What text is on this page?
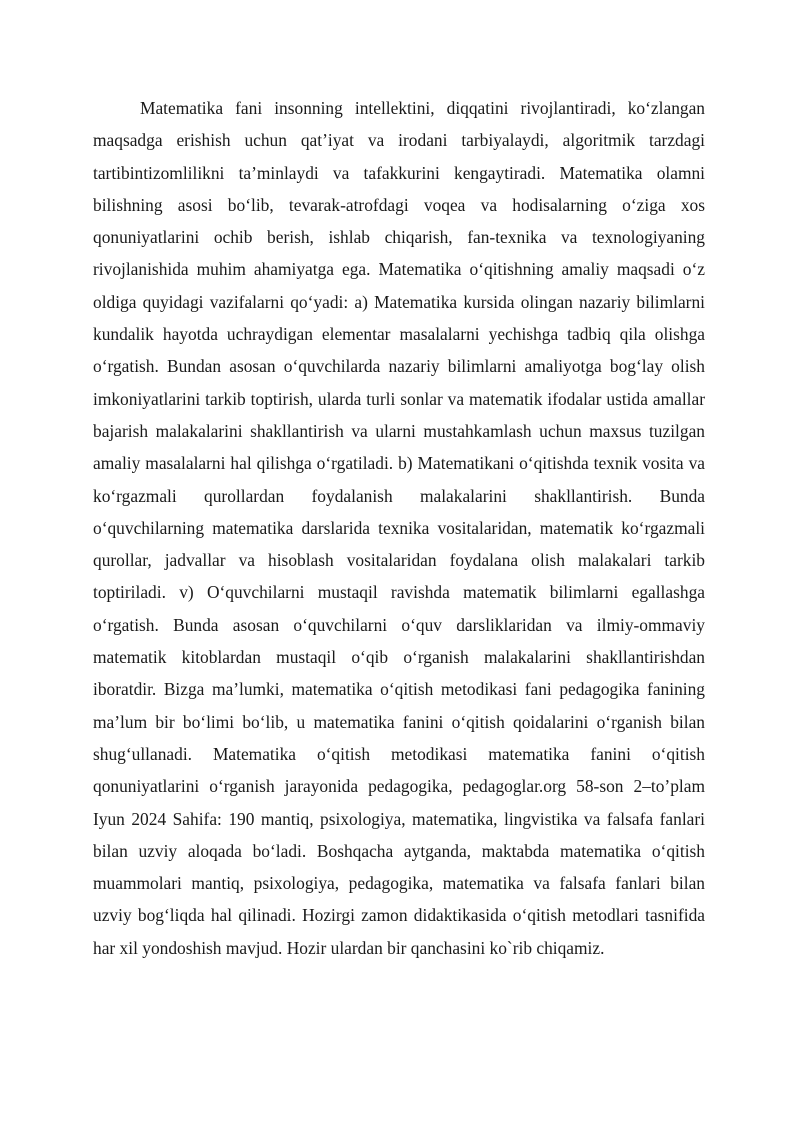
Matematika fani insonning intellektini, diqqatini rivojlantiradi, ko‘zlangan maqsadga erishish uchun qat’iyat va irodani tarbiyalaydi, algoritmik tarzdagi tartibintizomlilikni ta’minlaydi va tafakkurini kengaytiradi. Matematika olamni bilishning asosi bo‘lib, tevarak-atrofdagi voqea va hodisalarning o‘ziga xos qonuniyatlarini ochib berish, ishlab chiqarish, fan-texnika va texnologiyaning rivojlanishida muhim ahamiyatga ega. Matematika o‘qitishning amaliy maqsadi o‘z oldiga quyidagi vazifalarni qo‘yadi: a) Matematika kursida olingan nazariy bilimlarni kundalik hayotda uchraydigan elementar masalalarni yechishga tadbiq qila olishga o‘rgatish. Bundan asosan o‘quvchilarda nazariy bilimlarni amaliyotga bog‘lay olish imkoniyatlarini tarkib toptirish, ularda turli sonlar va matematik ifodalar ustida amallar bajarish malakalarini shakllantirish va ularni mustahkamlash uchun maxsus tuzilgan amaliy masalalarni hal qilishga o‘rgatiladi. b) Matematikani o‘qitishda texnik vosita va ko‘rgazmali qurollardan foydalanish malakalarini shakllantirish. Bunda o‘quvchilarning matematika darslarida texnika vositalaridan, matematik ko‘rgazmali qurollar, jadvallar va hisoblash vositalaridan foydalana olish malakalari tarkib toptiriladi. v) O‘quvchilarni mustaqil ravishda matematik bilimlarni egallashga o‘rgatish. Bunda asosan o‘quvchilarni o‘quv darsliklaridan va ilmiy-ommaviy matematik kitoblardan mustaqil o‘qib o‘rganish malakalarini shakllantirishdan iboratdir. Bizga ma’lumki, matematika o‘qitish metodikasi fani pedagogika fanining ma’lum bir bo‘limi bo‘lib, u matematika fanini o‘qitish qoidalarini o‘rganish bilan shug‘ullanadi. Matematika o‘qitish metodikasi matematika fanini o‘qitish qonuniyatlarini o‘rganish jarayonida pedagogika, pedagoglar.org 58-son 2–to’plam Iyun 2024 Sahifa: 190 mantiq, psixologiya, matematika, lingvistika va falsafa fanlari bilan uzviy aloqada bo‘ladi. Boshqacha aytganda, maktabda matematika o‘qitish muammolari mantiq, psixologiya, pedagogika, matematika va falsafa fanlari bilan uzviy bog‘liqda hal qilinadi. Hozirgi zamon didaktikasida o‘qitish metodlari tasnifida har xil yondoshish mavjud. Hozir ulardan bir qanchasini ko`rib chiqamiz.
